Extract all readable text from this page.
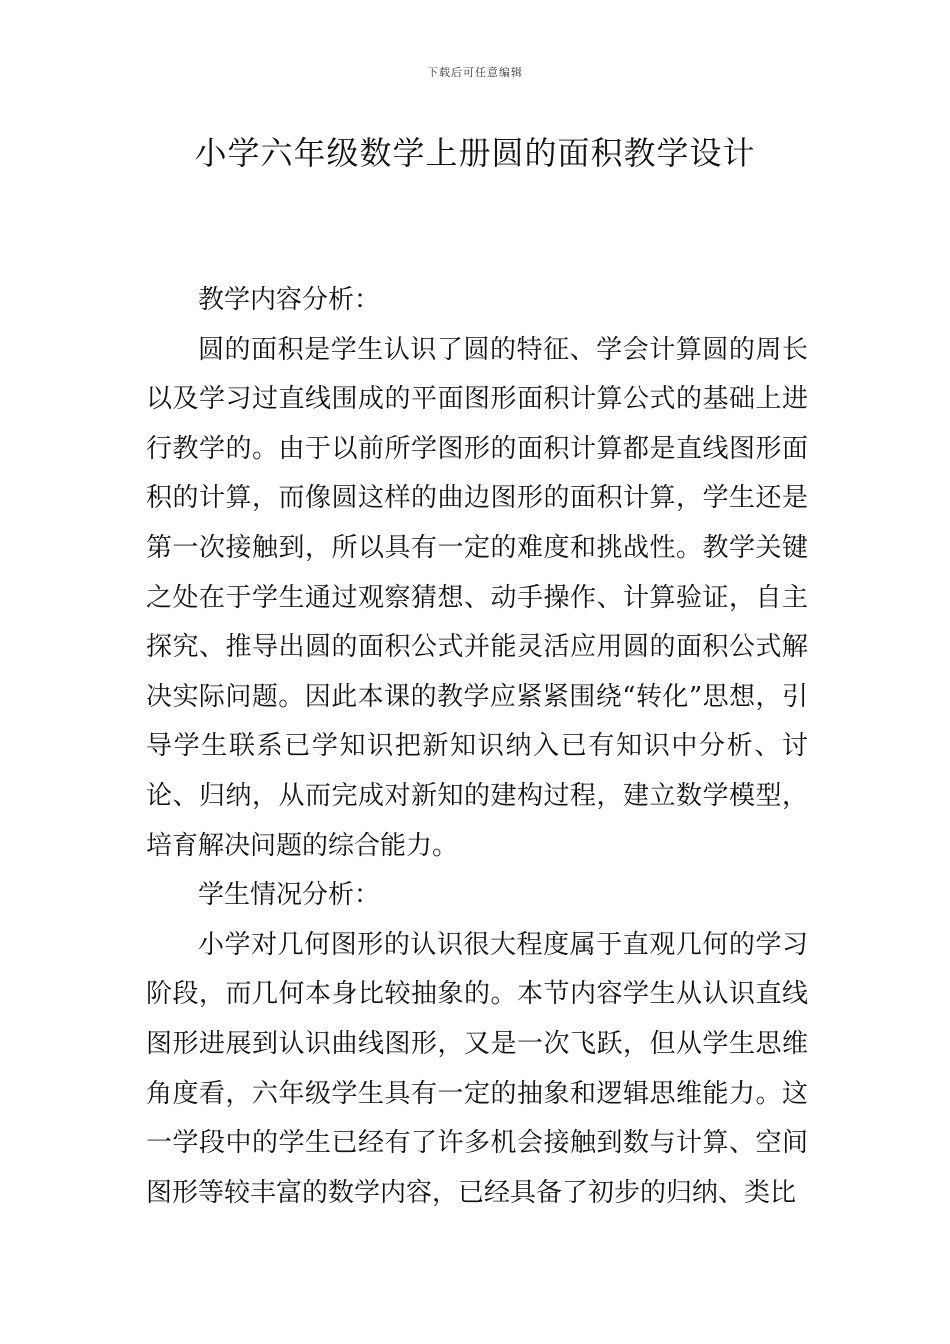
下载后可任意编辑
小学六年级数学上册圆的面积教学设计

教学内容分析：

圆的面积是学生认识了圆的特征、学会计算圆的周长以及学习过直线围成的平面图形面积计算公式的基础上进行教学的。由于以前所学图形的面积计算都是直线图形面积的计算，而像圆这样的曲边图形的面积计算，学生还是第一次接触到，所以具有一定的难度和挑战性。教学关键之处在于学生通过观察猜想、动手操作、计算验证，自主探究、推导出圆的面积公式并能灵活应用圆的面积公式解决实际问题。因此本课的教学应紧紧围绕“转化”思想，引导学生联系已学知识把新知识纳入已有知识中分析、讨论、归纳，从而完成对新知的建构过程，建立数学模型，培育解决问题的综合能力。

学生情况分析：

小学对几何图形的认识很大程度属于直观几何的学习阶段，而几何本身比较抽象的。本节内容学生从认识直线图形进展到认识曲线图形，又是一次飞跃，但从学生思维角度看，六年级学生具有一定的抽象和逻辑思维能力。这一学段中的学生已经有了许多机会接触到数与计算、空间图形等较丰富的数学内容，已经具备了初步的归纳、类比
